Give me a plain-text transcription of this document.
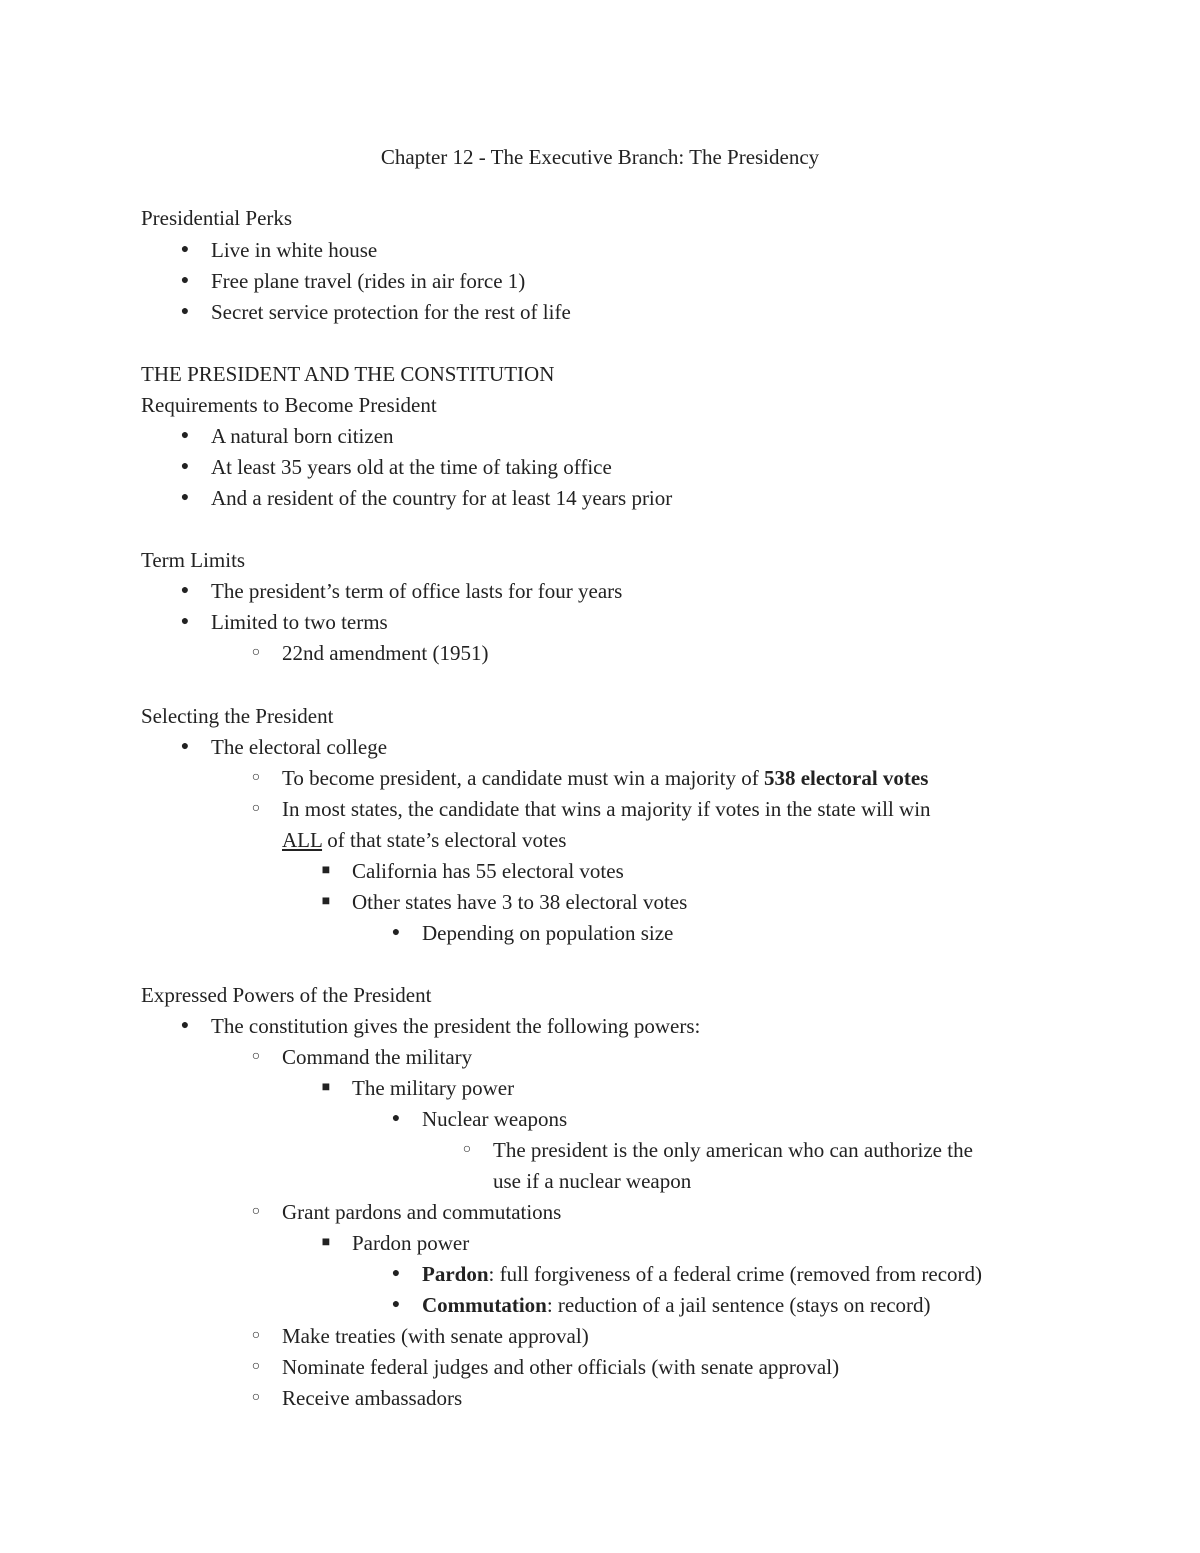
Chapter 12 - The Executive Branch: The Presidency
Presidential Perks
●
Live in white house
●
Free plane travel (rides in air force 1)
●
Secret service protection for the rest of life
THE PRESIDENT AND THE CONSTITUTION
Requirements to Become President
●
A natural born citizen
●
At least 35 years old at the time of taking office
●
And a resident of the country for at least 14 years prior
Term Limits
●
The president’s term of office lasts for four years
●
Limited to two terms
○
22nd amendment (1951)
Selecting the President
●
The electoral college
○
To become president, a candidate must win a majority of 538 electoral votes
○
In most states, the candidate that wins a majority if votes in the state will win
ALL of that state’s electoral votes
■
California has 55 electoral votes
■
Other states have 3 to 38 electoral votes
●
Depending on population size
Expressed Powers of the President
●
The constitution gives the president the following powers:
○
Command the military
■
The military power
●
Nuclear weapons
○
The president is the only american who can authorize the
use if a nuclear weapon
○
Grant pardons and commutations
■
Pardon power
●
Pardon: full forgiveness of a federal crime (removed from record)
●
Commutation: reduction of a jail sentence (stays on record)
○
Make treaties (with senate approval)
○
Nominate federal judges and other officials (with senate approval)
○
Receive ambassadors
